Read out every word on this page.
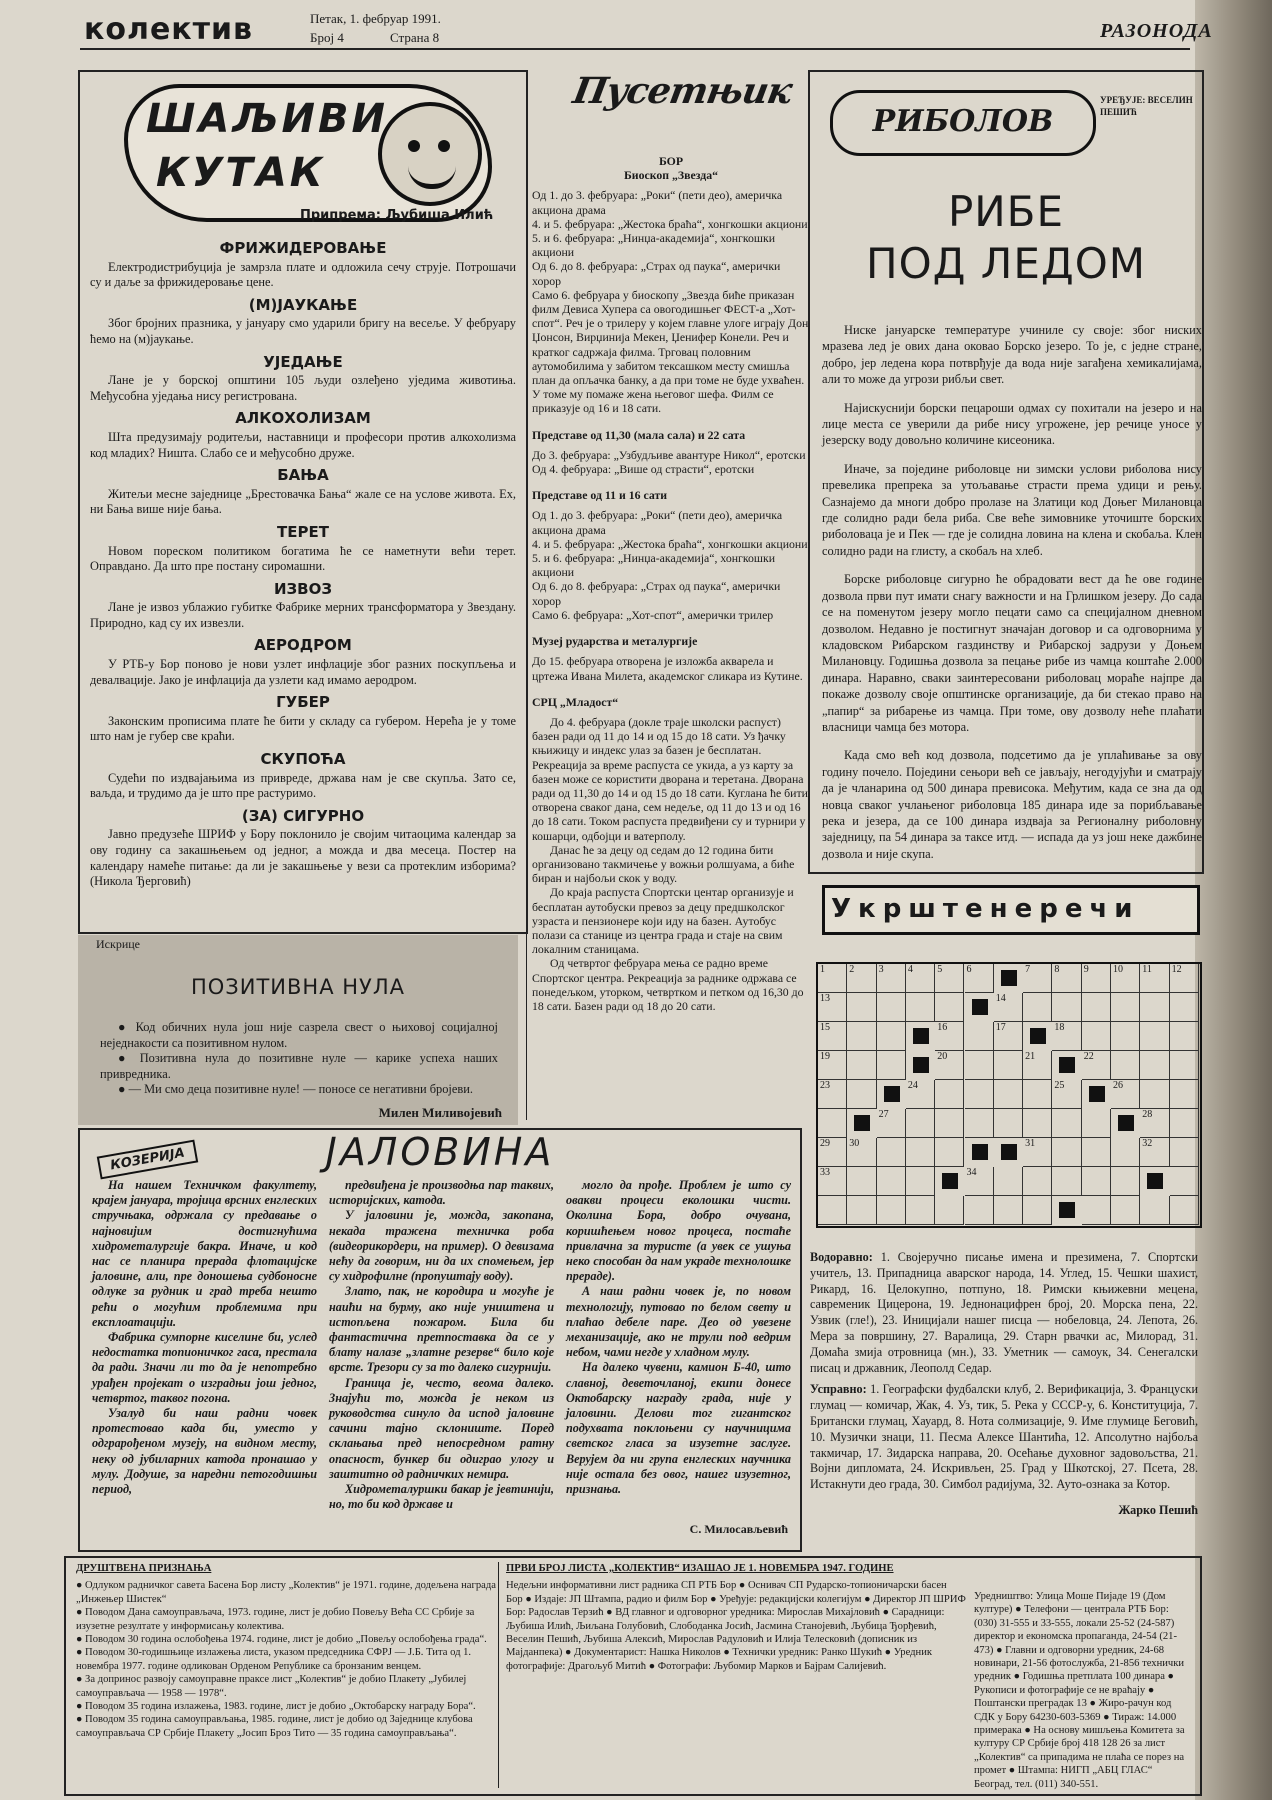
колектив	Петак, 1. фебруар 1991.
Број 4	Страна 8	РАЗОНОДА
ШАЉИВИ
КУТАК
Припрема: Љубиша Илић
ФРИЖИДЕРОВАЊЕ

Електродистрибуција је замрзла плате и одложила сечу струје. Потрошачи су и даље за фрижидеровање цене.

(М)ЈАУКАЊЕ

Због бројних празника, у јануару смо ударили бригу на весеље. У фебруару ћемо на (м)јаукање.

УЈЕДАЊЕ

Лане је у борској општини 105 људи озлеђено уједима животиња. Међусобна уједања нису регистрована.

АЛКОХОЛИЗАМ

Шта предузимају родитељи, наставници и професори против алкохолизма код младих? Ништа. Слабо се и међусобно друже.

БАЊА

Житељи месне заједнице „Брестовачка Бања“ жале се на услове живота. Ех, ни Бања више није бања.

ТЕРЕТ

Новом пореском политиком богатима ће се наметнути већи терет. Оправдано. Да што пре постану сиромашни.

ИЗВОЗ

Лане је извоз ублажио губитке Фабрике мерних трансформатора у Звездану. Природно, кад су их извезли.

АЕРОДРОМ

У РТБ-у Бор поново је нови узлет инфлације због разних поскупљења и девалвације. Јако је инфлација да узлети кад имамо аеродром.

ГУБЕР

Законским прописима плате ће бити у складу са губером. Нерећа је у томе што нам је губер све краћи.

СКУПОЋА

Судећи по издвајањима из привреде, држава нам је све скупља. Зато се, ваљда, и трудимо да је што пре растуримо.

(ЗА) СИГУРНО

Јавно предузеће ШРИФ у Бору поклонило је својим читаоцима календар за ову годину са закашњењем од једног, а можда и два месеца. Постер на календару намеће питање: да ли је закашњење у вези са протеклим изборима? (Никола Ђерговић)

Искрице
ПОЗИТИВНА НУЛА

● Код обичних нула још није сазрела свест о њиховој социјалној неједнакости са позитивном нулом.

● Позитивна нула до позитивне нуле — карике успеха наших привредника.

● — Ми смо деца позитивне нуле! — поносе се негативни бројеви.

Милен Миливојевић
Пусетњик

БОР

Биоскоп „Звезда“

Од 1. до 3. фебруара: „Роки“ (пети део), америчка акциона драма

4. и 5. фебруара: „Жестока браћа“, хонгкошки акциони

5. и 6. фебруара: „Нинџа-академија“, хонгкошки акциони

Од 6. до 8. фебруара: „Страх од паука“, амерички хорор

Само 6. фебруара у биоскопу „Звезда биће приказан филм Девиса Хупера са овогодишњег ФЕСТ-а „Хот-спот“. Реч је о трилеру у којем главне улоге играју Дон Џонсон, Вирџинија Мекен, Џенифер Конели. Реч и кратког садржаја филма. Трговац половним аутомобилима у забитом тексашком месту смишља план да опљачка банку, а да при томе не буде ухваћен. У томе му помаже жена његовог шефа. Филм се приказује од 16 и 18 сати.

Представе од 11,30 (мала сала) и 22 сата

До 3. фебруара: „Узбудљиве авантуре Никол“, еротски

Од 4. фебруара: „Више од страсти“, еротски

Представе од 11 и 16 сати

Од 1. до 3. фебруара: „Роки“ (пети део), америчка акциона драма

4. и 5. фебруара: „Жестока браћа“, хонгкошки акциони

5. и 6. фебруара: „Нинџа-академија“, хонгкошки акциони

Од 6. до 8. фебруара: „Страх од паука“, амерички хорор

Само 6. фебруара: „Хот-спот“, амерички трилер

Музеј рударства и металургије

До 15. фебруара отворена је изложба акварела и цртежа Ивана Милета, академског сликара из Кутине.

СРЦ „Младост“

До 4. фебруара (докле траје школски распуст) базен ради од 11 до 14 и од 15 до 18 сати. Уз ђачку књижицу и индекс улаз за базен је бесплатан. Рекреација за време распуста се укида, а уз карту за базен може се користити дворана и теретана. Дворана ради од 11,30 до 14 и од 15 до 18 сати. Куглана ће бити отворена сваког дана, сем недеље, од 11 до 13 и од 16 до 18 сати. Током распуста предвиђени су и турнири у кошарци, одбојци и ватерполу.

Данас ће за децу од седам до 12 година бити организовано такмичење у вожњи ролшуама, а биће биран и најбољи скок у воду.

До краја распуста Спортски центар организује и бесплатан аутобуски превоз за децу предшколског узраста и пензионере који иду на базен. Аутобус полази са станице из центра града и стаје на свим локалним станицама.

Од четвртог фебруара мења се радно време Спортског центра. Рекреација за раднике одржава се понедељком, уторком, четвртком и петком од 16,30 до 18 сати. Базен ради од 18 до 20 сати.

РИБОЛОВ
УРЕЂУЈЕ: ВЕСЕЛИН ПЕШИЋ
РИБЕ
ПОД ЛЕДОМ

Ниске јануарске температуре учиниле су своје: због ниских мразева лед је ових дана оковао Борско језеро. То је, с једне стране, добро, јер ледена кора потврђује да вода није загађена хемикалијама, али то може да угрози рибљи свет.

Најискуснији борски пецароши одмах су похитали на језеро и на лице места се уверили да рибе нису угрожене, јер речице уносе у језерску воду довољно количине кисеоника.

Иначе, за поједине риболовце ни зимски услови риболова нису превелика препрека за утољавање страсти према удици и рењу. Сазнајемо да многи добро пролазе на Златици код Доњег Милановца где солидно ради бела риба. Све веће зимовнике уточиште борских риболоваца је и Пек — где је солидна ловина на клена и скобаља. Клен солидно ради на глисту, а скобаљ на хлеб.

Борске риболовце сигурно ће обрадовати вест да ће ове године дозвола први пут имати снагу важности и на Грлишком језеру. До сада се на поменутом језеру могло пецати само са специјалном дневном дозволом. Недавно је постигнут значајан договор и са одговорнима у кладовском Рибарском газдинству и Рибарској задрузи у Доњем Милановцу. Годишња дозвола за пецање рибе из чамца коштаће 2.000 динара. Наравно, сваки заинтересовани риболовац мораће најпре да покаже дозволу своје општинске организације, да би стекао право на „папир“ за рибарење из чамца. При томе, ову дозволу неће плаћати власници чамца без мотора.

Када смо већ код дозвола, подсетимо да је уплаћивање за ову годину почело. Поједини сењори већ се јављају, негодујући и сматрају да је чланарина од 500 динара превисока. Међутим, када се зна да од новца сваког учлањеног риболовца 185 динара иде за порибљавање река и језера, да се 100 динара издваја за Регионалну риболовну заједницу, па 54 динара за таксе итд. — испада да уз још неке дажбине дозвола и није скупа.

Укрштенеречи
1	2	3	4	5	6	7	8	9	10	11	12
13	14
15	16	17	18
19	20	21	22
23	24	25	26
27	28
29	30	31	32
33	34

Водоравно: 1. Својеручно писање имена и презимена, 7. Спортски учитељ, 13. Припадница аварског народа, 14. Углед, 15. Чешки шахист, Рикард, 16. Целокупно, потпуно, 18. Римски књижевни мецена, савременик Цицерона, 19. Једнонацифрен број, 20. Морска пена, 22. Узвик (гле!), 23. Иницијали нашег писца — нобеловца, 24. Лепота, 26. Мера за површину, 27. Варалица, 29. Старн рвачки ас, Милорад, 31. Домаћа змија отровница (мн.), 33. Уметник — самоук, 34. Сенегалски писац и државник, Леополд Седар.

Усправно: 1. Географски фудбалски клуб, 2. Верификација, 3. Француски глумац — комичар, Жак, 4. Уз, тик, 5. Река у СССР-у, 6. Конституција, 7. Британски глумац, Хауард, 8. Нота солмизације, 9. Име глумице Беговић, 10. Музички знаци, 11. Песма Алексе Шантића, 12. Апсолутно најбоља такмичар, 17. Зидарска направа, 20. Осећање духовног задовољства, 21. Војни дипломата, 24. Искривљен, 25. Град у Шкотској, 27. Псета, 28. Истакнути део града, 30. Симбол радијума, 32. Ауто-ознака за Котор.

Жарко Пешић
ЈАЛОВИНА
КОЗЕРИЈА

На нашем Техничком факултету, крајем јануара, тројица врсних енглеских стручњака, одржала су предавање о најновијим достигнућима хидрометалургије бакра. Иначе, и код нас се планира прерада флотацијске јаловине, али, пре доношења судбоносне одлуке за рудник и град треба нешто рећи о могућим проблемима при експлоатацији.

Фабрика сумпорне киселине би, услед недостатка топионичког гаса, престала да ради. Значи ли то да је непотребно урађен пројекат о изградњи још једног, четвртог, таквог погона.

Узалуд би наш радни човек протестовао када би, уместо у одграрођеном музеју, на видном месту, неку од јубиларних катода пронашао у мулу. Додуше, за наредни петогодишњи период,

предвиђена је производња пар таквих, историјских, катода.

У јаловини је, можда, закопана, некада тражена техничка роба (видеорикордери, на пример). О девизама нећу да говорим, ни да их спомењем, јер су хидрофилне (пропуштају воду).

Злато, пак, не кородира и могуће је наићи на бурму, ако није уништена и истопљена пожаром. Била би фантастична претпоставка да се у блату налазе „златне резерве“ било које врсте. Трезори су за то далеко сигурнији.

Граница је, често, веома далеко. Знајући то, можда је неком из руководства синуло да испод јаловине сачини тајно склониште. Поред склањања пред непосредном ратну опасност, бункер би одиграо улогу и заштитно од радничких немира.

Хидрометалуршки бакар је јевтинији, но, то би код државе и

могло да прође. Проблем је што су овакви процеси еколошки чисти. Околина Бора, добро очувана, коришћењем новог процеса, постаће привлачна за туристе (а увек се ушуња неко способан да нам украде технолошке прераде).

А наш радни човек је, по новом технологију, путовао по белом свету и плаћао дебеле паре. Део од увезене механизације, ако не трули под ведрим небом, чами негде у хладном мулу.

На далеко чувени, камион Б-40, што славној, деветочланој, екипи донесе Октобарску награду града, није у јаловини. Делови тог гигантског подухвата поклоњени су научницима светског гласа за изузетне заслуге. Верујем да ни група енглеских научника није остала без овог, нашег изузетног, признања.

С. Милосављевић
ДРУШТВЕНА ПРИЗНАЊА

● Одлуком радничког савета Басена Бор листу „Колектив“ је 1971. године, додељена награда „Инжењер Шистек“

● Поводом Дана самоуправљача, 1973. године, лист је добио Повељу Већа СС Србије за изузетне резултате у информисању колектива.

● Поводом 30 година ослобођења 1974. године, лист је добио „Повељу ослобођења града“.

● Поводом 30-годишњице излажења листа, указом председника СФРЈ — Ј.Б. Тита од 1. новембра 1977. године одликован Орденом Републике са бронзаним венцем.

● За допринос развоју самоуправне праксе лист „Колектив“ је добио Плакету „Јубилеј самоуправљача — 1958 — 1978“.

● Поводом 35 година излажења, 1983. године, лист је добио „Октобарску награду Бора“.

● Поводом 35 година самоуправљања, 1985. године, лист је добио од Заједнице клубова самоуправљача СР Србије Плакету „Јосип Броз Тито — 35 година самоуправљања“.

ПРВИ БРОЈ ЛИСТА „КОЛЕКТИВ“ ИЗАШАО ЈЕ 1. НОВЕМБРА 1947. ГОДИНЕ

Недељни информативни лист радника СП РТБ Бор ● Оснивач СП Рударско-топионичарски басен Бор ● Издаје: ЈП Штампа, радио и филм Бор ● Уређује: редакцијски колегијум ● Директор ЈП ШРИФ Бор: Радослав Терзић ● ВД главног и одговорног уредника: Мирослав Михајловић ● Сарадници: Љубиша Илић, Љиљана Голубовић, Слободанка Јосић, Јасмина Станојевић, Љубица Ђорђевић, Веселин Пешић, Љубиша Алексић, Мирослав Радуловић и Илија Телесковић (дописник из Мајданпека) ● Документарист: Нашка Николов ● Технички уредник: Ранко Шукић ● Уредник фотографије: Драгољуб Митић ● Фотографи: Љубомир Марков и Бајрам Салијевић.

Уредништво: Улица Моше Пијаде 19 (Дом културе) ● Телефони — централа РТБ Бор: (030) 31-555 и 33-555, локали 25-52 (24-587) директор и економска пропаганда, 24-54 (21-473) ● Главни и одговорни уредник, 24-68 новинари, 21-56 фотослужба, 21-856 технички уредник ● Годишња претплата 100 динара ● Рукописи и фотографије се не враћају ● Поштански преградак 13 ● Жиро-рачун код СДК у Бору 64230-603-5369 ● Тираж: 14.000 примерака ● На основу мишљења Комитета за културу СР Србије број 418 128 26 за лист „Колектив“ са припадима не плаћа се порез на промет ● Штампа: НИГП „АБЦ ГЛАС“ Београд, тел. (011) 340-551.
